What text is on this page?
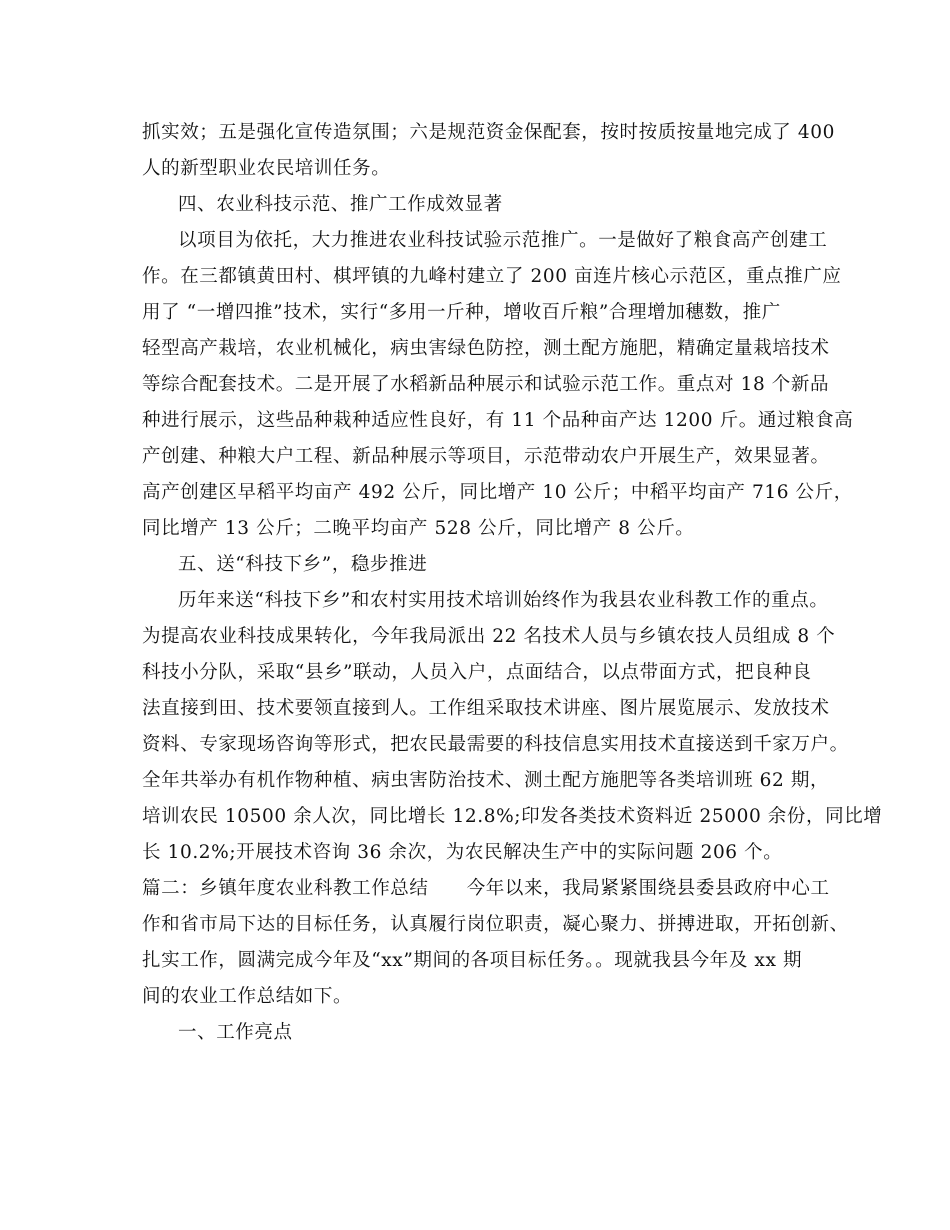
抓实效；五是强化宣传造氛围；六是规范资金保配套，按时按质按量地完成了 400
人的新型职业农民培训任务。
四、农业科技示范、推广工作成效显著
以项目为依托，大力推进农业科技试验示范推广。一是做好了粮食高产创建工
作。在三都镇黄田村、棋坪镇的九峰村建立了 200 亩连片核心示范区，重点推广应
用了 “一增四推”技术，实行“多用一斤种，增收百斤粮”合理增加穗数，推广
轻型高产栽培，农业机械化，病虫害绿色防控，测土配方施肥，精确定量栽培技术
等综合配套技术。二是开展了水稻新品种展示和试验示范工作。重点对 18 个新品
种进行展示，这些品种栽种适应性良好，有 11 个品种亩产达 1200 斤。通过粮食高
产创建、种粮大户工程、新品种展示等项目，示范带动农户开展生产，效果显著。
高产创建区早稻平均亩产 492 公斤，同比增产 10 公斤；中稻平均亩产 716 公斤，
同比增产 13 公斤；二晚平均亩产 528 公斤，同比增产 8 公斤。
五、送“科技下乡”，稳步推进
历年来送“科技下乡”和农村实用技术培训始终作为我县农业科教工作的重点。
为提高农业科技成果转化，今年我局派出 22 名技术人员与乡镇农技人员组成 8 个
科技小分队，采取“县乡”联动，人员入户，点面结合，以点带面方式，把良种良
法直接到田、技术要领直接到人。工作组采取技术讲座、图片展览展示、发放技术
资料、专家现场咨询等形式，把农民最需要的科技信息实用技术直接送到千家万户。
全年共举办有机作物种植、病虫害防治技术、测土配方施肥等各类培训班 62 期，
培训农民 10500 余人次，同比增长 12.8%;印发各类技术资料近 25000 余份，同比增
长 10.2%;开展技术咨询 36 余次，为农民解决生产中的实际问题 206 个。
篇二：乡镇年度农业科教工作总结　　今年以来，我局紧紧围绕县委县政府中心工
作和省市局下达的目标任务，认真履行岗位职责，凝心聚力、拼搏进取，开拓创新、
扎实工作，圆满完成今年及“xx”期间的各项目标任务。。现就我县今年及 xx 期
间的农业工作总结如下。
一、工作亮点
